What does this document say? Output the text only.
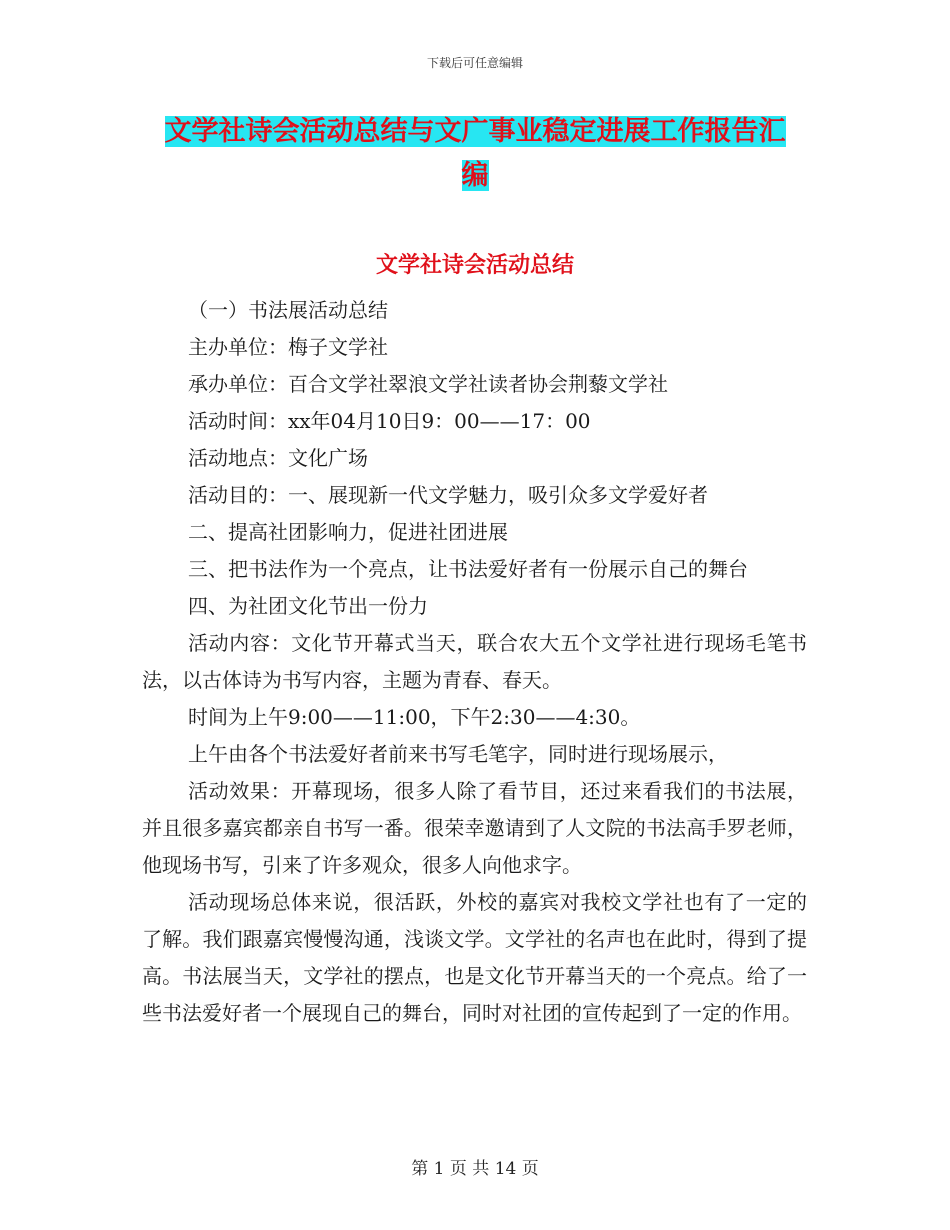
下载后可任意编辑
文学社诗会活动总结与文广事业稳定进展工作报告汇
编
文学社诗会活动总结

（一）书法展活动总结

主办单位：梅子文学社

承办单位：百合文学社翠浪文学社读者协会荆藜文学社

活动时间：xx年04月10日9：00——17：00

活动地点：文化广场

活动目的：一、展现新一代文学魅力，吸引众多文学爱好者

二、提高社团影响力，促进社团进展

三、把书法作为一个亮点，让书法爱好者有一份展示自己的舞台

四、为社团文化节出一份力

活动内容：文化节开幕式当天，联合农大五个文学社进行现场毛笔书法，以古体诗为书写内容，主题为青春、春天。

时间为上午9:00——11:00，下午2:30——4:30。

上午由各个书法爱好者前来书写毛笔字，同时进行现场展示，

活动效果：开幕现场，很多人除了看节目，还过来看我们的书法展，并且很多嘉宾都亲自书写一番。很荣幸邀请到了人文院的书法高手罗老师，他现场书写，引来了许多观众，很多人向他求字。

活动现场总体来说，很活跃，外校的嘉宾对我校文学社也有了一定的了解。我们跟嘉宾慢慢沟通，浅谈文学。文学社的名声也在此时，得到了提高。书法展当天，文学社的摆点，也是文化节开幕当天的一个亮点。给了一些书法爱好者一个展现自己的舞台，同时对社团的宣传起到了一定的作用。

第 1 页 共 14 页
